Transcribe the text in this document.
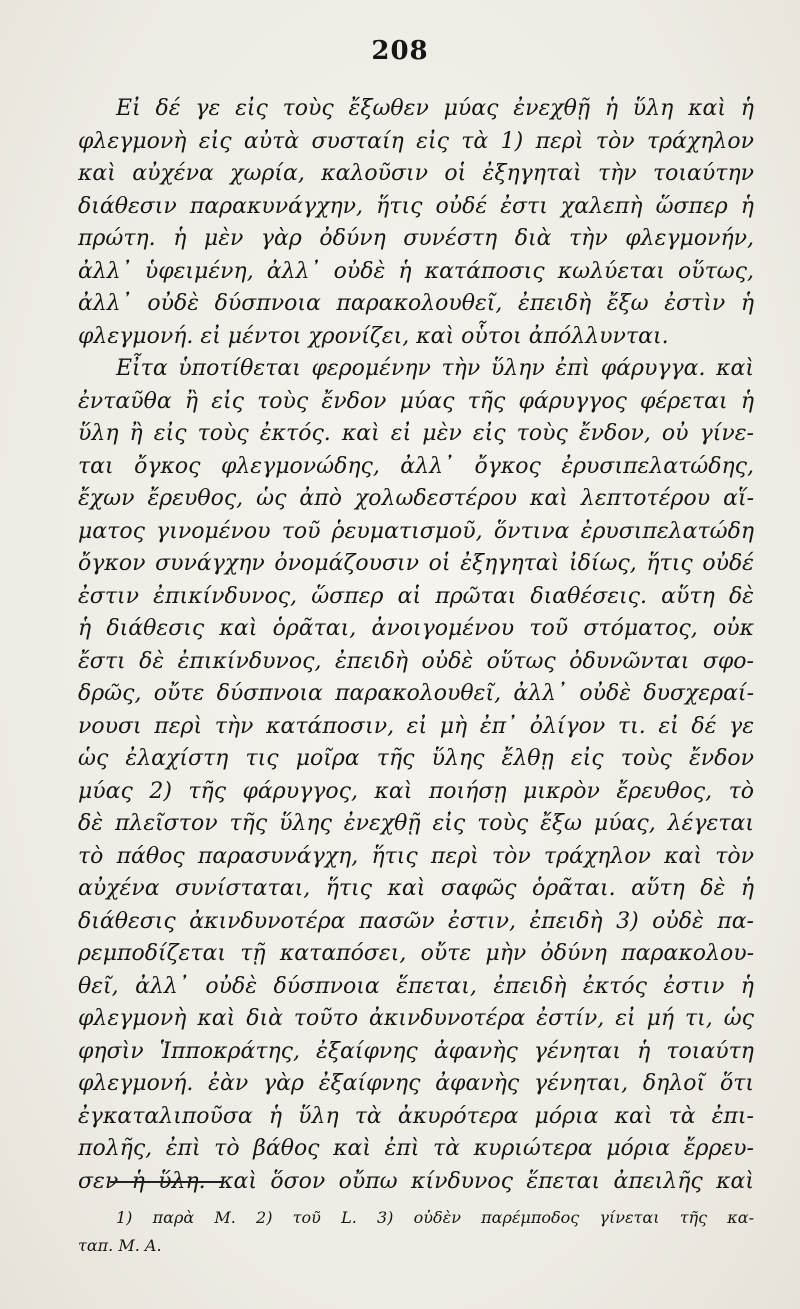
208
Εἰ δέ γε εἰς τοὺς ἔξωθεν μύας ἐνεχθῇ ἡ ὕλη καὶ ἡ
φλεγμονὴ εἰς αὐτὰ συσταίη εἰς τὰ 1) περὶ τὸν τράχηλον
καὶ αὐχένα χωρία, καλοῦσιν οἱ ἐξηγηταὶ τὴν τοιαύτην
διάθεσιν παρακυνάγχην, ἥτις οὐδέ ἐστι χαλεπὴ ὥσπερ ἡ
πρώτη. ἡ μὲν γὰρ ὀδύνη συνέστη διὰ τὴν φλεγμονήν,
ἀλλ᾽ ὑφειμένη, ἀλλ᾽ οὐδὲ ἡ κατάποσις κωλύεται οὕτως,
ἀλλ᾽ οὐδὲ δύσπνοια παρακολουθεῖ, ἐπειδὴ ἔξω ἐστὶν ἡ
φλεγμονή. εἰ μέντοι χρονίζει, καὶ οὗτοι ἀπόλλυνται.
Εἶτα ὑποτίθεται φερομένην τὴν ὕλην ἐπὶ φάρυγγα. καὶ
ἐνταῦθα ἢ εἰς τοὺς ἔνδον μύας τῆς φάρυγγος φέρεται ἡ
ὕλη ἢ εἰς τοὺς ἐκτός. καὶ εἰ μὲν εἰς τοὺς ἔνδον, οὐ γίνε-
ται ὄγκος φλεγμονώδης, ἀλλ᾽ ὄγκος ἐρυσιπελατώδης,
ἔχων ἔρευθος, ὡς ἀπὸ χολωδεστέρου καὶ λεπτοτέρου αἵ-
ματος γινομένου τοῦ ῥευματισμοῦ, ὅντινα ἐρυσιπελατώδη
ὄγκον συνάγχην ὀνομάζουσιν οἱ ἐξηγηταὶ ἰδίως, ἥτις οὐδέ
ἐστιν ἐπικίνδυνος, ὥσπερ αἱ πρῶται διαθέσεις. αὕτη δὲ
ἡ διάθεσις καὶ ὁρᾶται, ἀνοιγομένου τοῦ στόματος, οὐκ
ἔστι δὲ ἐπικίνδυνος, ἐπειδὴ οὐδὲ οὕτως ὀδυνῶνται σφο-
δρῶς, οὔτε δύσπνοια παρακολουθεῖ, ἀλλ᾽ οὐδὲ δυσχεραί-
νουσι περὶ τὴν κατάποσιν, εἰ μὴ ἐπ᾽ ὀλίγον τι. εἰ δέ γε
ὡς ἐλαχίστη τις μοῖρα τῆς ὕλης ἔλθῃ εἰς τοὺς ἔνδον
μύας 2) τῆς φάρυγγος, καὶ ποιήσῃ μικρὸν ἔρευθος, τὸ
δὲ πλεῖστον τῆς ὕλης ἐνεχθῇ εἰς τοὺς ἔξω μύας, λέγεται
τὸ πάθος παρασυνάγχη, ἥτις περὶ τὸν τράχηλον καὶ τὸν
αὐχένα συνίσταται, ἥτις καὶ σαφῶς ὁρᾶται. αὕτη δὲ ἡ
διάθεσις ἀκινδυνοτέρα πασῶν ἐστιν, ἐπειδὴ 3) οὐδὲ πα-
ρεμποδίζεται τῇ καταπόσει, οὔτε μὴν ὀδύνη παρακολου-
θεῖ, ἀλλ᾽ οὐδὲ δύσπνοια ἕπεται, ἐπειδὴ ἐκτός ἐστιν ἡ
φλεγμονὴ καὶ διὰ τοῦτο ἀκινδυνοτέρα ἐστίν, εἰ μή τι, ὡς
φησὶν Ἱπποκράτης, ἐξαίφνης ἀφανὴς γένηται ἡ τοιαύτη
φλεγμονή. ἐὰν γὰρ ἐξαίφνης ἀφανὴς γένηται, δηλοῖ ὅτι
ἐγκαταλιποῦσα ἡ ὕλη τὰ ἀκυρότερα μόρια καὶ τὰ ἐπι-
πολῆς, ἐπὶ τὸ βάθος καὶ ἐπὶ τὰ κυριώτερα μόρια ἔρρευ-
σεν ἡ ὕλη. καὶ ὅσον οὔπω κίνδυνος ἕπεται ἀπειλῆς καὶ
1) παρὰ Μ. 2) τοῦ L. 3) οὐδὲν παρέμποδος γίνεται τῆς κα-
ταπ. Μ. Α.
